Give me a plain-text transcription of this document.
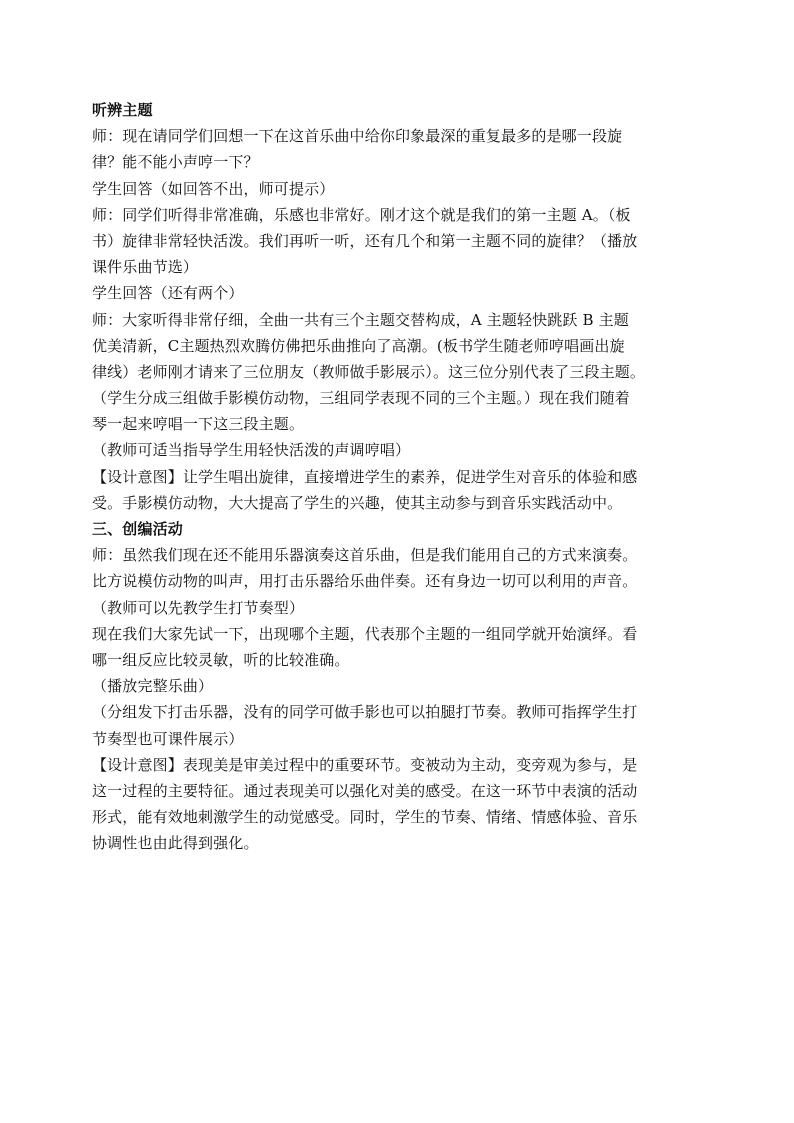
听辨主题
师：现在请同学们回想一下在这首乐曲中给你印象最深的重复最多的是哪一段旋
律？能不能小声哼一下？
学生回答（如回答不出，师可提示）
师：同学们听得非常准确，乐感也非常好。刚才这个就是我们的第一主题 A。（板
书）旋律非常轻快活泼。我们再听一听，还有几个和第一主题不同的旋律？（播放
课件乐曲节选）
学生回答（还有两个）
师：大家听得非常仔细，全曲一共有三个主题交替构成，A 主题轻快跳跃 B 主题
优美清新，C主题热烈欢腾仿佛把乐曲推向了高潮。(板书学生随老师哼唱画出旋
律线）老师刚才请来了三位朋友（教师做手影展示）。这三位分别代表了三段主题。
（学生分成三组做手影模仿动物，三组同学表现不同的三个主题。）现在我们随着
琴一起来哼唱一下这三段主题。
（教师可适当指导学生用轻快活泼的声调哼唱）
【设计意图】让学生唱出旋律，直接增进学生的素养，促进学生对音乐的体验和感
受。手影模仿动物，大大提高了学生的兴趣，使其主动参与到音乐实践活动中。
三、创编活动
师：虽然我们现在还不能用乐器演奏这首乐曲，但是我们能用自己的方式来演奏。
比方说模仿动物的叫声，用打击乐器给乐曲伴奏。还有身边一切可以利用的声音。
（教师可以先教学生打节奏型）
现在我们大家先试一下，出现哪个主题，代表那个主题的一组同学就开始演绎。看
哪一组反应比较灵敏，听的比较准确。
（播放完整乐曲）
（分组发下打击乐器，没有的同学可做手影也可以拍腿打节奏。教师可指挥学生打
节奏型也可课件展示）
【设计意图】表现美是审美过程中的重要环节。变被动为主动，变旁观为参与，是
这一过程的主要特征。通过表现美可以强化对美的感受。在这一环节中表演的活动
形式，能有效地刺激学生的动觉感受。同时，学生的节奏、情绪、情感体验、音乐
协调性也由此得到强化。
